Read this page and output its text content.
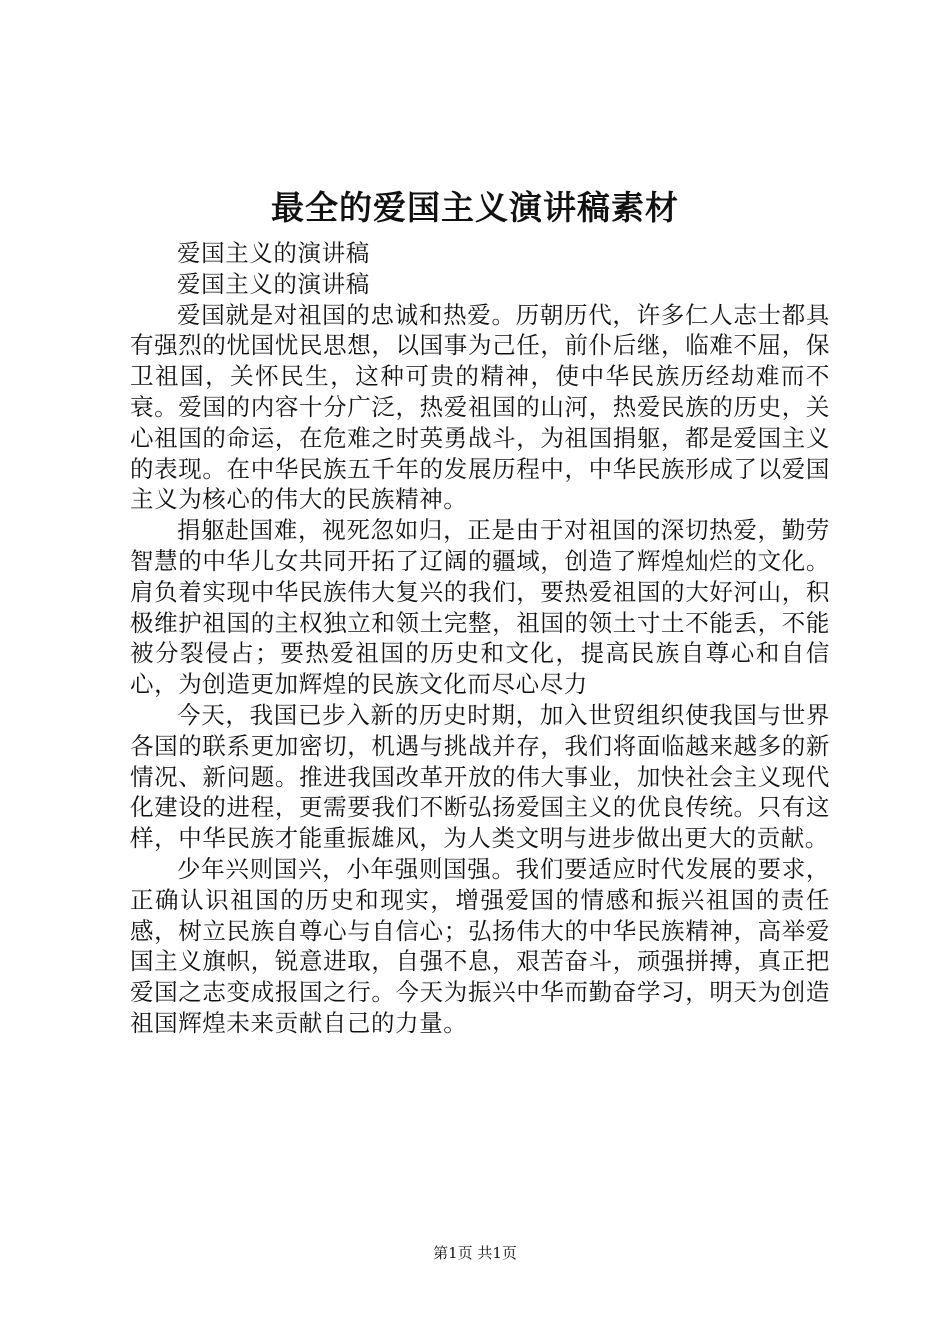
最全的爱国主义演讲稿素材

爱国主义的演讲稿

爱国主义的演讲稿

爱国就是对祖国的忠诚和热爱。历朝历代，许多仁人志士都具有强烈的忧国忧民思想，以国事为己任，前仆后继，临难不屈，保卫祖国，关怀民生，这种可贵的精神，使中华民族历经劫难而不衰。爱国的内容十分广泛，热爱祖国的山河，热爱民族的历史，关心祖国的命运，在危难之时英勇战斗，为祖国捐躯，都是爱国主义的表现。在中华民族五千年的发展历程中，中华民族形成了以爱国主义为核心的伟大的民族精神。

捐躯赴国难，视死忽如归，正是由于对祖国的深切热爱，勤劳智慧的中华儿女共同开拓了辽阔的疆域，创造了辉煌灿烂的文化。肩负着实现中华民族伟大复兴的我们，要热爱祖国的大好河山，积极维护祖国的主权独立和领土完整，祖国的领土寸土不能丢，不能被分裂侵占；要热爱祖国的历史和文化，提高民族自尊心和自信心，为创造更加辉煌的民族文化而尽心尽力

今天，我国已步入新的历史时期，加入世贸组织使我国与世界各国的联系更加密切，机遇与挑战并存，我们将面临越来越多的新情况、新问题。推进我国改革开放的伟大事业，加快社会主义现代化建设的进程，更需要我们不断弘扬爱国主义的优良传统。只有这样，中华民族才能重振雄风，为人类文明与进步做出更大的贡献。

少年兴则国兴，小年强则国强。我们要适应时代发展的要求，正确认识祖国的历史和现实，增强爱国的情感和振兴祖国的责任感，树立民族自尊心与自信心；弘扬伟大的中华民族精神，高举爱国主义旗帜，锐意进取，自强不息，艰苦奋斗，顽强拼搏，真正把爱国之志变成报国之行。今天为振兴中华而勤奋学习，明天为创造祖国辉煌未来贡献自己的力量。

第1页 共1页
